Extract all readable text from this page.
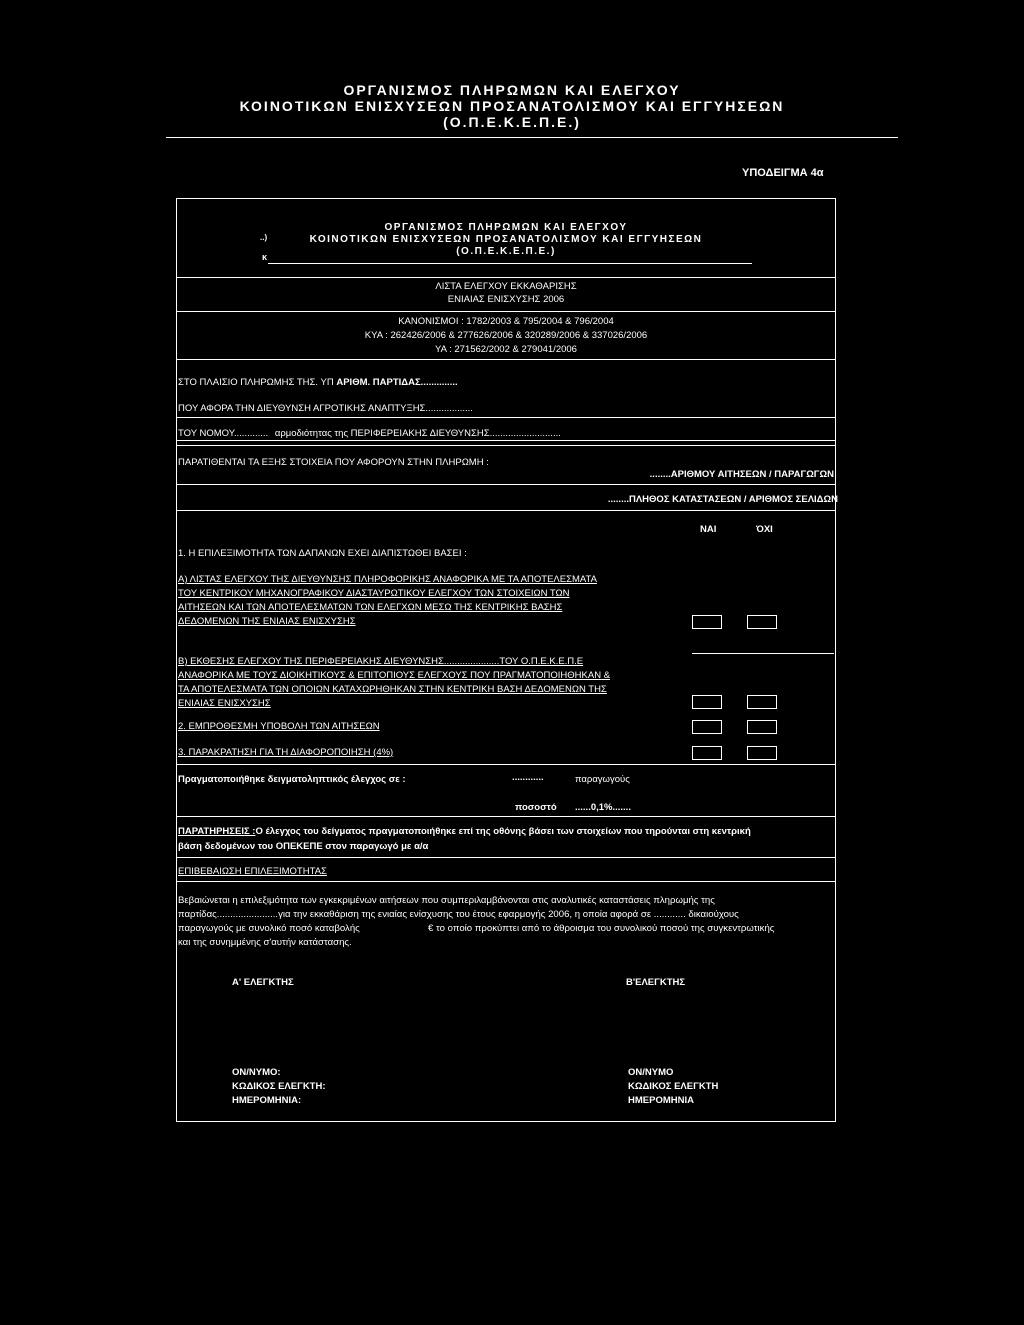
ΟΡΓΑΝΙΣΜΟΣ ΠΛΗΡΩΜΩΝ ΚΑΙ ΕΛΕΓΧΟΥ
ΚΟΙΝΟΤΙΚΩΝ ΕΝΙΣΧΥΣΕΩΝ ΠΡΟΣΑΝΑΤΟΛΙΣΜΟΥ ΚΑΙ ΕΓΓΥΗΣΕΩΝ
(Ο.Π.Ε.Κ.Ε.Π.Ε.)
ΥΠΟΔΕΙΓΜΑ 4α
ΟΡΓΑΝΙΣΜΟΣ ΠΛΗΡΩΜΩΝ ΚΑΙ ΕΛΕΓΧΟΥ
ΚΟΙΝΟΤΙΚΩΝ ΕΝΙΣΧΥΣΕΩΝ ΠΡΟΣΑΝΑΤΟΛΙΣΜΟΥ ΚΑΙ ΕΓΓΥΗΣΕΩΝ
(Ο.Π.Ε.Κ.Ε.Π.Ε.)
..)
κ
ΛΙΣΤΑ ΕΛΕΓΧΟΥ ΕΚΚΑΘΑΡΙΣΗΣ
ΕΝΙΑΙΑΣ ΕΝΙΣΧΥΣΗΣ 2006
ΚΑΝΟΝΙΣΜΟΙ : 1782/2003 & 795/2004 & 796/2004
ΚΥΑ : 262426/2006 & 277626/2006 & 320289/2006 & 337026/2006
ΥΑ : 271562/2002 & 279041/2006
ΣΤΟ ΠΛΑΙΣΙΟ ΠΛΗΡΩΜΗΣ ΤΗΣ. ΥΠ ΑΡΙΘΜ. ΠΑΡΤΙΔΑΣ..............
ΠΟΥ ΑΦΟΡΑ ΤΗΝ ΔΙΕΥΘΥΝΣΗ ΑΓΡΟΤΙΚΗΣ ΑΝΑΠΤΥΞΗΣ..................
ΤΟΥ ΝΟΜΟΥ............. αρμοδιότητας της ΠΕΡΙΦΕΡΕΙΑΚΗΣ ΔΙΕΥΘΥΝΣΗΣ...........................
ΠΑΡΑΤΙΘΕΝΤΑΙ ΤΑ ΕΞΗΣ ΣΤΟΙΧΕΙΑ ΠΟΥ ΑΦΟΡΟΥΝ ΣΤΗΝ ΠΛΗΡΩΜΗ :
........ΑΡΙΘΜΟΥ ΑΙΤΗΣΕΩΝ / ΠΑΡΑΓΩΓΩΝ
........ΠΛΗΘΟΣ ΚΑΤΑΣΤΑΣΕΩΝ / ΑΡΙΘΜΟΣ ΣΕΛΙΔΩΝ
ΝΑΙ	ΌΧΙ
1. Η ΕΠΙΛΕΞΙΜΟΤΗΤΑ ΤΩΝ ΔΑΠΑΝΩΝ ΕΧΕΙ ΔΙΑΠΙΣΤΩΘΕΙ ΒΑΣΕΙ :
Α) ΛΙΣΤΑΣ ΕΛΕΓΧΟΥ ΤΗΣ ΔΙΕΥΘΥΝΣΗΣ ΠΛΗΡΟΦΟΡΙΚΗΣ ΑΝΑΦΟΡΙΚΑ ΜΕ ΤΑ ΑΠΟΤΕΛΕΣΜΑΤΑ
ΤΟΥ ΚΕΝΤΡΙΚΟΥ ΜΗΧΑΝΟΓΡΑΦΙΚΟΥ ΔΙΑΣΤΑΥΡΩΤΙΚΟΥ ΕΛΕΓΧΟΥ ΤΩΝ ΣΤΟΙΧΕΙΩΝ ΤΩΝ
ΑΙΤΗΣΕΩΝ ΚΑΙ ΤΩΝ ΑΠΟΤΕΛΕΣΜΑΤΩΝ ΤΩΝ ΕΛΕΓΧΩΝ ΜΕΣΩ ΤΗΣ ΚΕΝΤΡΙΚΗΣ ΒΑΣΗΣ
ΔΕΔΟΜΕΝΩΝ ΤΗΣ ΕΝΙΑΙΑΣ ΕΝΙΣΧΥΣΗΣ
Β) ΕΚΘΕΣΗΣ ΕΛΕΓΧΟΥ ΤΗΣ ΠΕΡΙΦΕΡΕΙΑΚΗΣ ΔΙΕΥΘΥΝΣΗΣ.....................ΤΟΥ Ο.Π.Ε.Κ.Ε.Π.Ε
ΑΝΑΦΟΡΙΚΑ ΜΕ ΤΟΥΣ ΔΙΟΙΚΗΤΙΚΟΥΣ & ΕΠΙΤΟΠΙΟΥΣ ΕΛΕΓΧΟΥΣ ΠΟΥ ΠΡΑΓΜΑΤΟΠΟΙΗΘΗΚΑΝ &
ΤΑ ΑΠΟΤΕΛΕΣΜΑΤΑ ΤΩΝ ΟΠΟΙΩΝ ΚΑΤΑΧΩΡΗΘΗΚΑΝ ΣΤΗΝ ΚΕΝΤΡΙΚΗ ΒΑΣΗ ΔΕΔΟΜΕΝΩΝ ΤΗΣ
ΕΝΙΑΙΑΣ ΕΝΙΣΧΥΣΗΣ
2. ΕΜΠΡΟΘΕΣΜΗ ΥΠΟΒΟΛΗ ΤΩΝ ΑΙΤΗΣΕΩΝ
3. ΠΑΡΑΚΡΑΤΗΣΗ ΓΙΑ ΤΗ ΔΙΑΦΟΡΟΠΟΙΗΣΗ (4%)
Πραγματοποιήθηκε δειγματοληπτικός έλεγχος σε :	............	παραγωγούς
ποσοστό ......0,1%.......
ΠΑΡΑΤΗΡΗΣΕΙΣ :Ο έλεγχος του δείγματος πραγματοποιήθηκε επί της οθόνης βάσει των στοιχείων που τηρούνται στη κεντρική
βάση δεδομένων του ΟΠΕΚΕΠΕ στον παραγωγό με α/α
ΕΠΙΒΕΒΑΙΩΣΗ ΕΠΙΛΕΞΙΜΟΤΗΤΑΣ
Βεβαιώνεται η επιλεξιμότητα των εγκεκριμένων αιτήσεων που συμπεριλαμβάνονται στις αναλυτικές καταστάσεις πληρωμής της
παρτίδας.......................για την εκκαθάριση της ενιαίας ενίσχυσης του έτους εφαρμογής 2006, η οποία αφορά σε ............ δικαιούχους
παραγωγούς με συνολικό ποσό καταβολής	€ το οποίο προκύπτει από το άθροισμα του συνολικού ποσού της συγκεντρωτικής
και της συνημμένης σ'αυτήν κατάστασης.
Α' ΕΛΕΓΚΤΗΣ	Β'ΕΛΕΓΚΤΗΣ
ΟΝ/ΝΥΜΟ:
ΚΩΔΙΚΟΣ ΕΛΕΓΚΤΗ:
ΗΜΕΡΟΜΗΝΙΑ:
ΟΝ/ΝΥΜΟ
ΚΩΔΙΚΟΣ ΕΛΕΓΚΤΗ
ΗΜΕΡΟΜΗΝΙΑ
